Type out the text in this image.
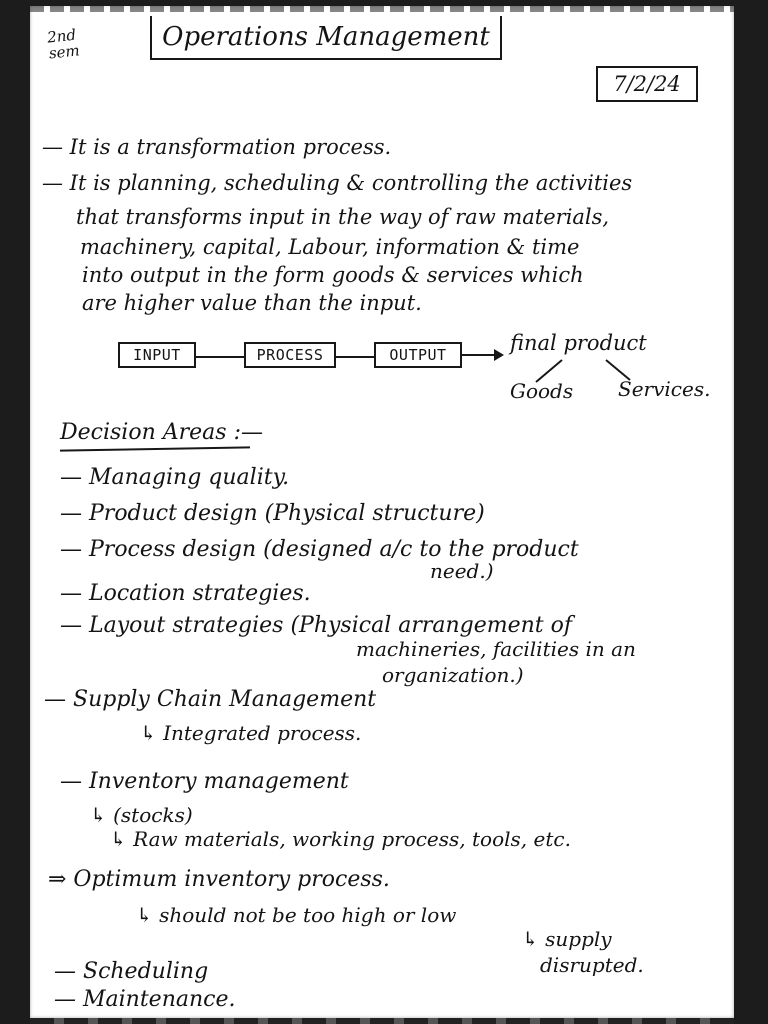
2nd
sem	Operations Management
7/2/24
— It is a transformation process.
— It is planning, scheduling & controlling the activities
that transforms input in the way of raw materials,
machinery, capital, Labour, information & time
into output in the form goods & services which
are higher value than the input.
INPUT	PROCESS	OUTPUT	final product
Goods Services.
Decision Areas :—
— Managing quality.
— Product design (Physical structure)
— Process design (designed a/c to the product
need.)
— Location strategies.
— Layout strategies (Physical arrangement of
machineries, facilities in an
organization.)
— Supply Chain Management
↳ Integrated process.
— Inventory management
↳ (stocks)
↳ Raw materials, working process, tools, etc.
⇒ Optimum inventory process.
↳ should not be too high or low
↳ supply
disrupted.
— Scheduling
— Maintenance.
